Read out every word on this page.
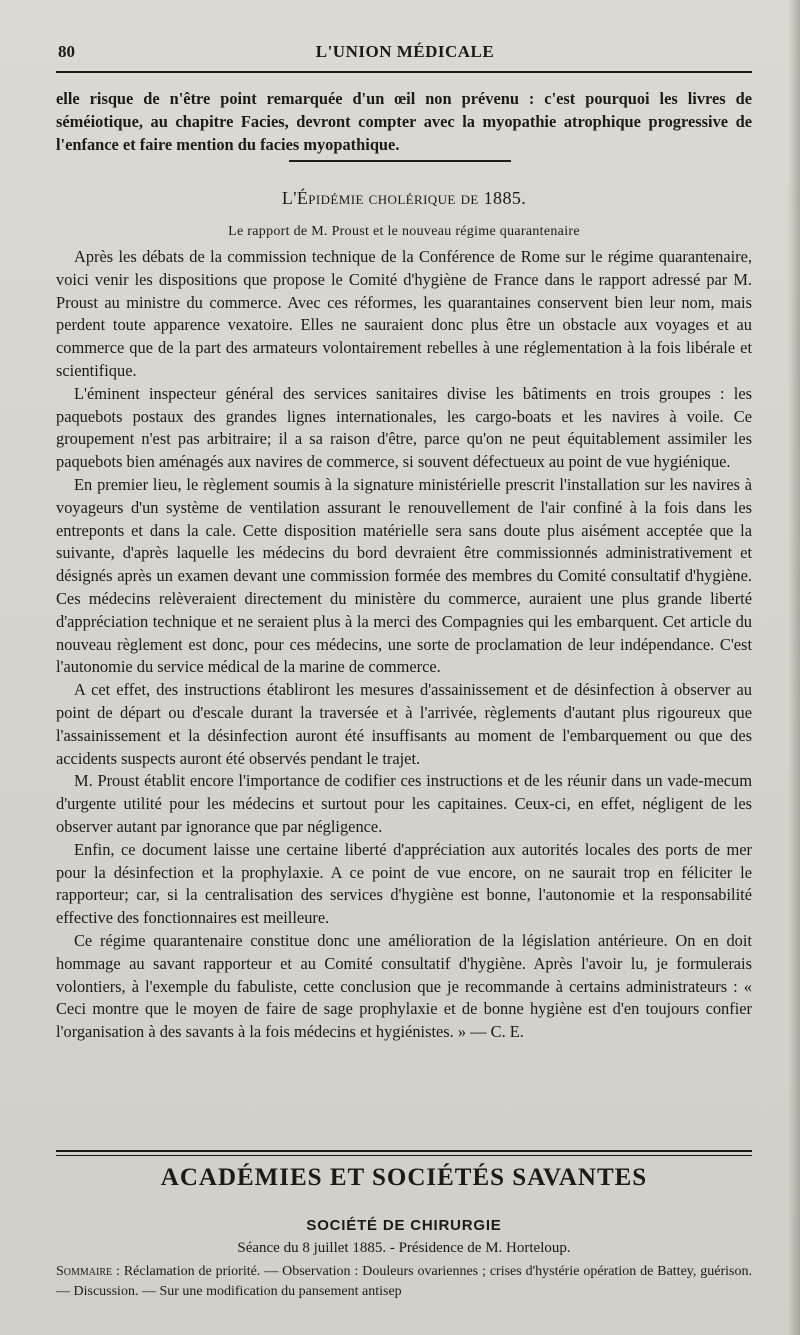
80	L'UNION MÉDICALE

elle risque de n'être point remarquée d'un œil non prévenu : c'est pourquoi les livres de séméiotique, au chapitre Facies, devront compter avec la myopathie atrophique progressive de l'enfance et faire mention du facies myopathique.

L'Épidémie cholérique de 1885.
Le rapport de M. Proust et le nouveau régime quarantenaire

Après les débats de la commission technique de la Conférence de Rome sur le régime quarantenaire, voici venir les dispositions que propose le Comité d'hygiène de France dans le rapport adressé par M. Proust au ministre du commerce. Avec ces réformes, les quarantaines conservent bien leur nom, mais perdent toute apparence vexatoire. Elles ne sauraient donc plus être un obstacle aux voyages et au commerce que de la part des armateurs volontairement rebelles à une réglementation à la fois libérale et scientifique.

L'éminent inspecteur général des services sanitaires divise les bâtiments en trois groupes : les paquebots postaux des grandes lignes internationales, les cargo-boats et les navires à voile. Ce groupement n'est pas arbitraire; il a sa raison d'être, parce qu'on ne peut équitablement assimiler les paquebots bien aménagés aux navires de commerce, si souvent défectueux au point de vue hygiénique.

En premier lieu, le règlement soumis à la signature ministérielle prescrit l'installation sur les navires à voyageurs d'un système de ventilation assurant le renouvellement de l'air confiné à la fois dans les entreponts et dans la cale. Cette disposition matérielle sera sans doute plus aisément acceptée que la suivante, d'après laquelle les médecins du bord devraient être commissionnés administrativement et désignés après un examen devant une commission formée des membres du Comité consultatif d'hygiène. Ces médecins relèveraient directement du ministère du commerce, auraient une plus grande liberté d'appréciation technique et ne seraient plus à la merci des Compagnies qui les embarquent. Cet article du nouveau règlement est donc, pour ces médecins, une sorte de proclamation de leur indépendance. C'est l'autonomie du service médical de la marine de commerce.

A cet effet, des instructions établiront les mesures d'assainissement et de désinfection à observer au point de départ ou d'escale durant la traversée et à l'arrivée, règlements d'autant plus rigoureux que l'assainissement et la désinfection auront été insuffisants au moment de l'embarquement ou que des accidents suspects auront été observés pendant le trajet.

M. Proust établit encore l'importance de codifier ces instructions et de les réunir dans un vade-mecum d'urgente utilité pour les médecins et surtout pour les capitaines. Ceux-ci, en effet, négligent de les observer autant par ignorance que par négligence.

Enfin, ce document laisse une certaine liberté d'appréciation aux autorités locales des ports de mer pour la désinfection et la prophylaxie. A ce point de vue encore, on ne saurait trop en féliciter le rapporteur; car, si la centralisation des services d'hygiène est bonne, l'autonomie et la responsabilité effective des fonctionnaires est meilleure.

Ce régime quarantenaire constitue donc une amélioration de la législation antérieure. On en doit hommage au savant rapporteur et au Comité consultatif d'hygiène. Après l'avoir lu, je formulerais volontiers, à l'exemple du fabuliste, cette conclusion que je recommande à certains administrateurs : « Ceci montre que le moyen de faire de sage prophylaxie et de bonne hygiène est d'en toujours confier l'organisation à des savants à la fois médecins et hygiénistes. » — C. E.

ACADÉMIES ET SOCIÉTÉS SAVANTES
SOCIÉTÉ DE CHIRURGIE
Séance du 8 juillet 1885. - Présidence de M. Horteloup.
Sommaire : Réclamation de priorité. — Observation : Douleurs ovariennes ; crises d'hystérie opération de Battey, guérison. — Discussion. — Sur une modification du pansement antisep
